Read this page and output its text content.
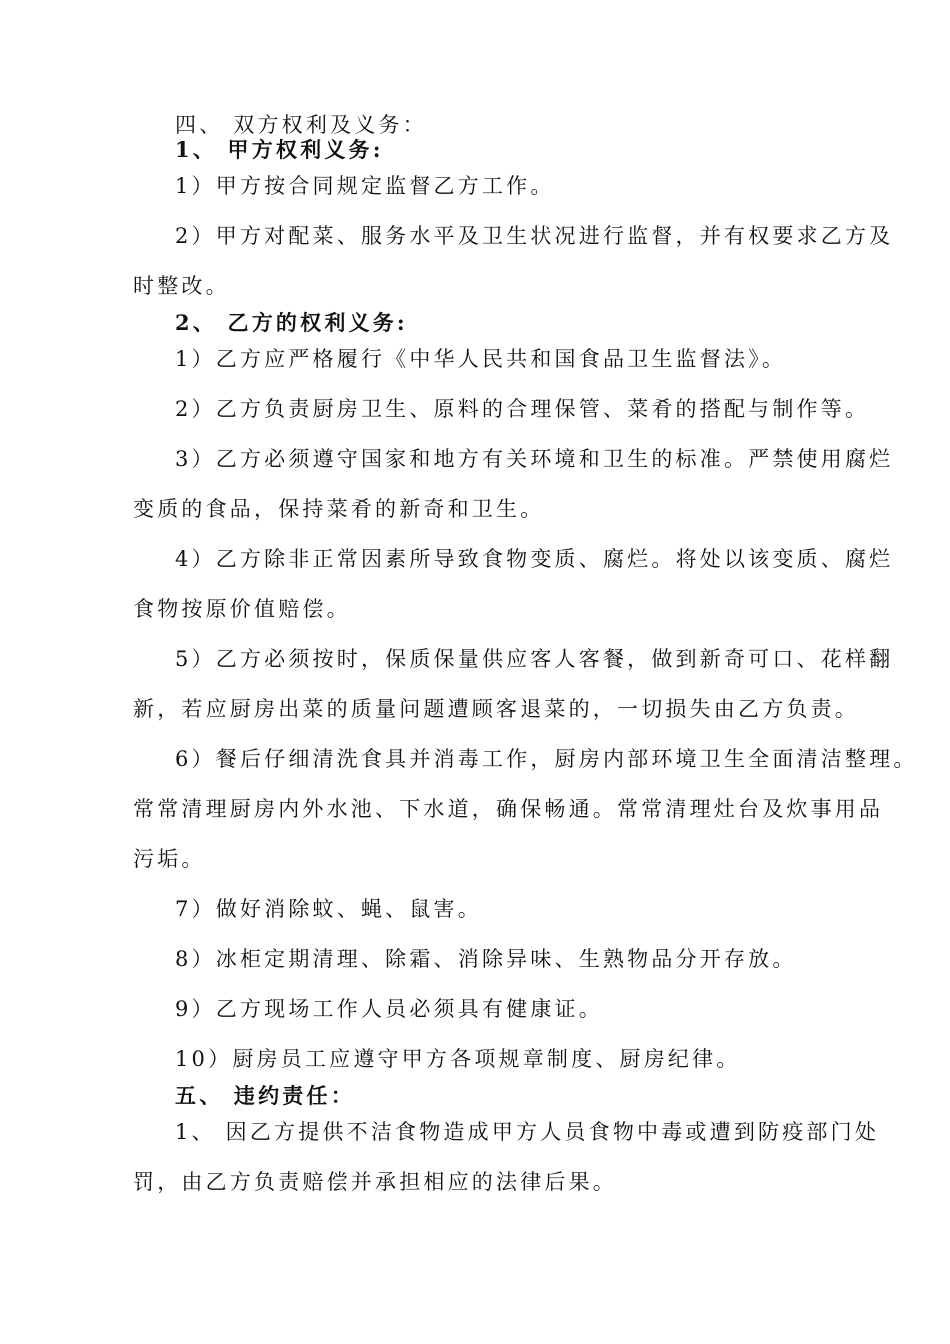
四、 双方权利及义务：
1、 甲方权利义务:
1）甲方按合同规定监督乙方工作。
2）甲方对配菜、服务水平及卫生状况进行监督，并有权要求乙方及
时整改。
2、 乙方的权利义务:
1）乙方应严格履行《中华人民共和国食品卫生监督法》。
2）乙方负责厨房卫生、原料的合理保管、菜肴的搭配与制作等。
3）乙方必须遵守国家和地方有关环境和卫生的标准。严禁使用腐烂
变质的食品，保持菜肴的新奇和卫生。
4）乙方除非正常因素所导致食物变质、腐烂。将处以该变质、腐烂
食物按原价值赔偿。
5）乙方必须按时，保质保量供应客人客餐，做到新奇可口、花样翻
新，若应厨房出菜的质量问题遭顾客退菜的，一切损失由乙方负责。
6）餐后仔细清洗食具并消毒工作，厨房内部环境卫生全面清洁整理。
常常清理厨房内外水池、下水道，确保畅通。常常清理灶台及炊事用品
污垢。
7）做好消除蚊、蝇、鼠害。
8）冰柜定期清理、除霜、消除异味、生熟物品分开存放。
9）乙方现场工作人员必须具有健康证。
10）厨房员工应遵守甲方各项规章制度、厨房纪律。
五、 违约责任：
1、 因乙方提供不洁食物造成甲方人员食物中毒或遭到防疫部门处
罚，由乙方负责赔偿并承担相应的法律后果。
